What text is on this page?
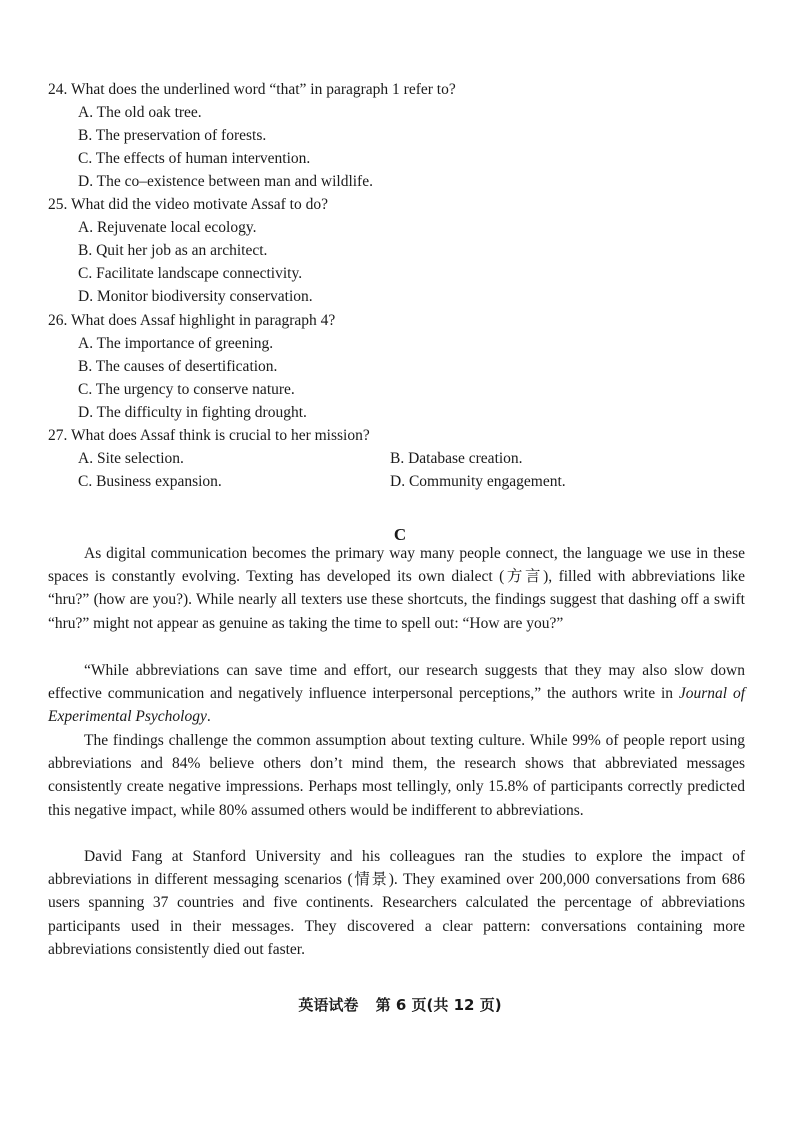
24. What does the underlined word “that” in paragraph 1 refer to?
A. The old oak tree.
B. The preservation of forests.
C. The effects of human intervention.
D. The co–existence between man and wildlife.
25. What did the video motivate Assaf to do?
A. Rejuvenate local ecology.
B. Quit her job as an architect.
C. Facilitate landscape connectivity.
D. Monitor biodiversity conservation.
26. What does Assaf highlight in paragraph 4?
A. The importance of greening.
B. The causes of desertification.
C. The urgency to conserve nature.
D. The difficulty in fighting drought.
27. What does Assaf think is crucial to her mission?
A. Site selection.	B. Database creation.
C. Business expansion.	D. Community engagement.
C

As digital communication becomes the primary way many people connect, the language we use in these spaces is constantly evolving. Texting has developed its own dialect (方言), filled with abbreviations like “hru?” (how are you?). While nearly all texters use these shortcuts, the findings suggest that dashing off a swift “hru?” might not appear as genuine as taking the time to spell out: “How are you?”

“While abbreviations can save time and effort, our research suggests that they may also slow down effective communication and negatively influence interpersonal perceptions,” the authors write in Journal of Experimental Psychology.

The findings challenge the common assumption about texting culture. While 99% of people report using abbreviations and 84% believe others don’t mind them, the research shows that abbreviated messages consistently create negative impressions. Perhaps most tellingly, only 15.8% of participants correctly predicted this negative impact, while 80% assumed others would be indifferent to abbreviations.

David Fang at Stanford University and his colleagues ran the studies to explore the impact of abbreviations in different messaging scenarios (情景). They examined over 200,000 conversations from 686 users spanning 37 countries and five continents. Researchers calculated the percentage of abbreviations participants used in their messages. They discovered a clear pattern: conversations containing more abbreviations consistently died out faster.

英语试卷 第 6 页(共 12 页)
